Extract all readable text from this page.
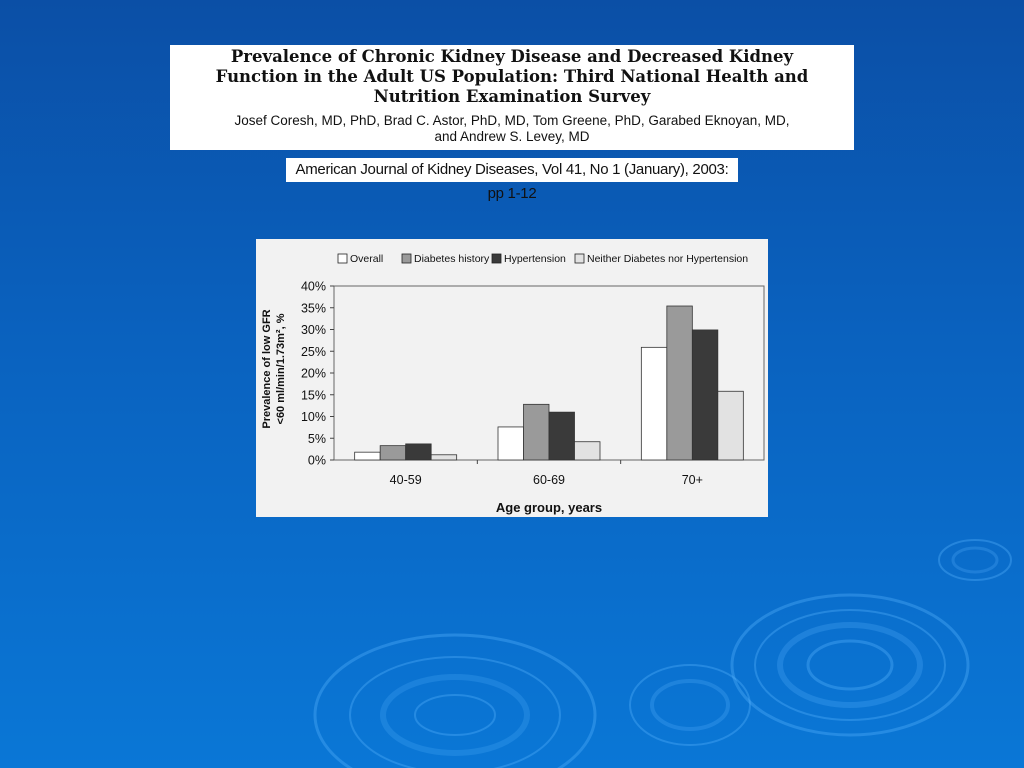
Prevalence of Chronic Kidney Disease and Decreased Kidney
Function in the Adult US Population: Third National Health and
Nutrition Examination Survey
Josef Coresh, MD, PhD, Brad C. Astor, PhD, MD, Tom Greene, PhD, Garabed Eknoyan, MD,
and Andrew S. Levey, MD
American Journal of Kidney Diseases, Vol 41, No 1 (January), 2003: pp 1-12
Overall	Diabetes history Hypertension Neither Diabetes nor Hypertension
Prevalence of low GFR <60 ml/min/1.73m², %
0%
5%
10%
15%
20%
25%
30%
35%
40%
40-59	60-69	70+
Age group, years
